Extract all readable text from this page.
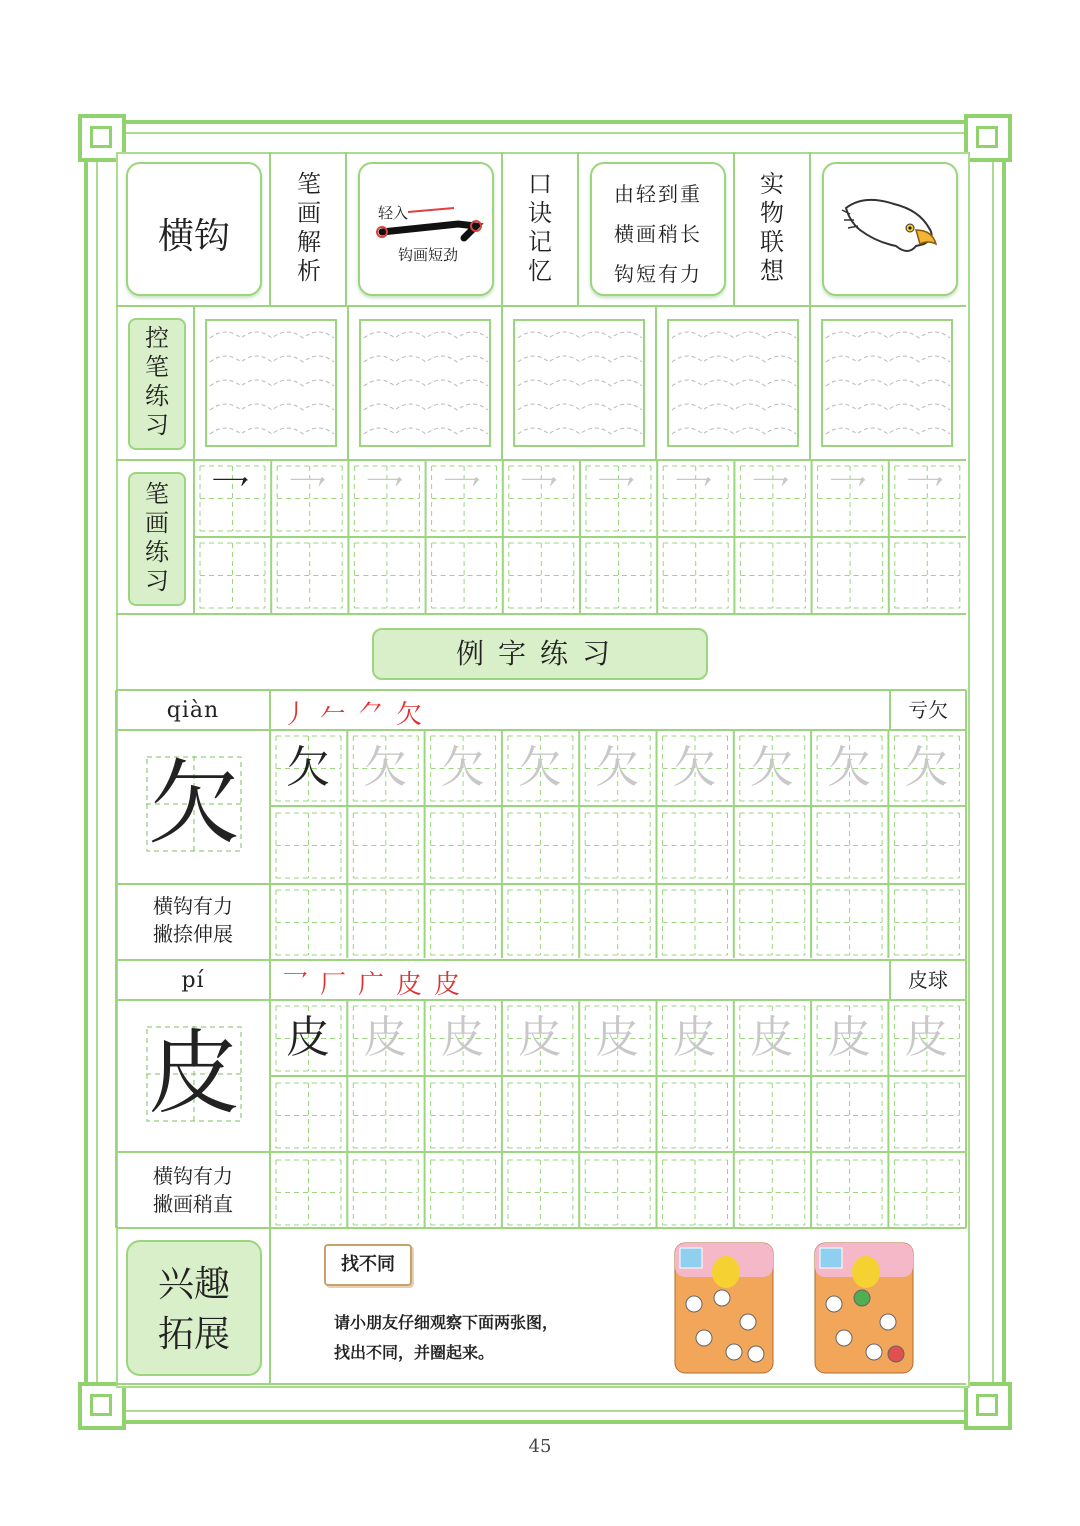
横钩
笔画解析
轻入
钩画短劲
口诀记忆
由轻到重
横画稍长
钩短有力
实物联想
控笔练习
笔画练习
乛 乛 乛 乛 乛 乛 乛 乛 乛 乛
例字练习
qiàn	丿 𠂉 ⺈ 欠	亏欠
欠
横钩有力
撇捺伸展
欠 欠 欠 欠 欠 欠 欠 欠 欠
pí	乛 厂 广 皮 皮	皮球
皮
横钩有力
撇画稍直
皮 皮 皮 皮 皮 皮 皮 皮 皮
兴趣拓展
找不同
请小朋友仔细观察下面两张图，
找出不同，并圈起来。
45
